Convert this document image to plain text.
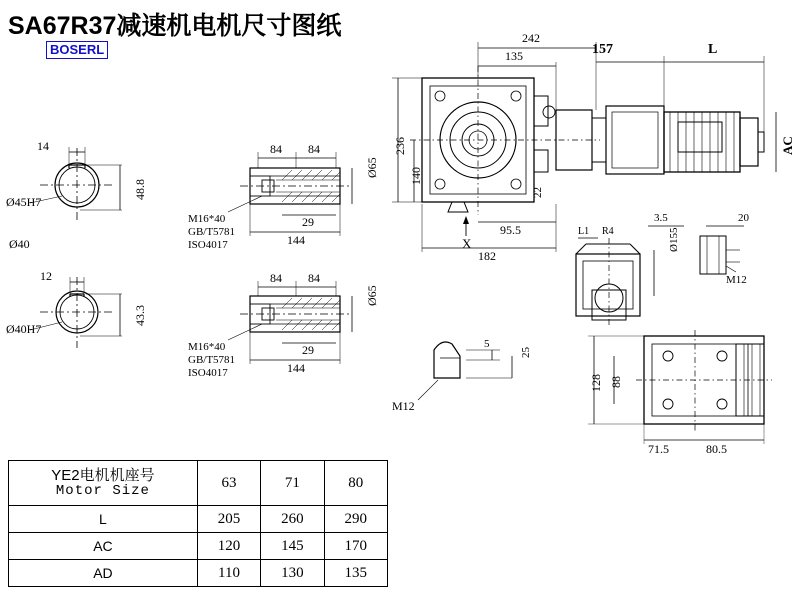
SA67R37减速机电机尺寸图纸
BOSERL
14
Ø45H7
Ø40
48.8
12
Ø40H7
43.3
84 84
M16*40
GB/T5781
ISO4017
29
144
Ø65
84 84
M16*40
GB/T5781
ISO4017
29
144
Ø65
242
135	157	L
236
140
22
AC
95.5
182
X
L1 R4
3.5	20
Ø155
M12
5
25
M12
128 88
71.5	80.5
YE2电机机座号
Motor Size	63	71	80
L	205	260	290
AC	120	145	170
AD	110	130	135
